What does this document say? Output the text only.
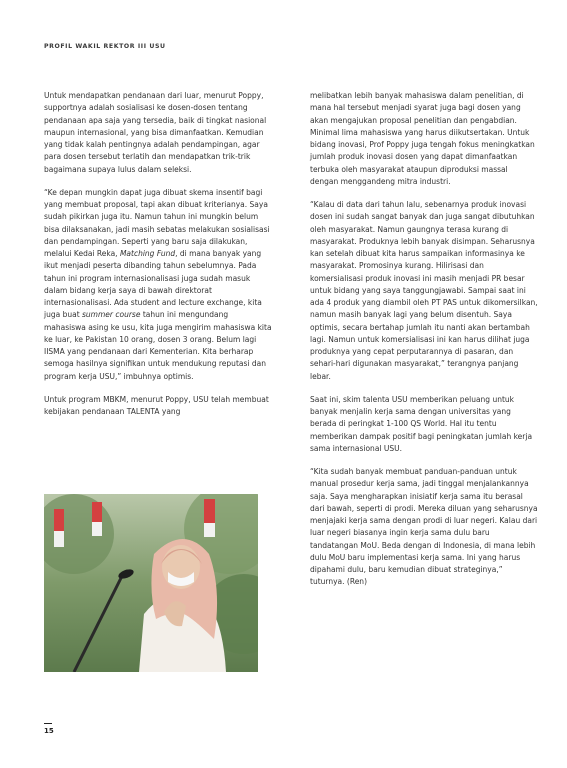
PROFIL WAKIL REKTOR III USU

Untuk mendapatkan pendanaan dari luar, menurut Poppy, supportnya adalah sosialisasi ke dosen-dosen tentang pendanaan apa saja yang tersedia, baik di tingkat nasional maupun internasional, yang bisa dimanfaatkan. Kemudian yang tidak kalah pentingnya adalah pendampingan, agar para dosen tersebut terlatih dan mendapatkan trik-trik bagaimana supaya lulus dalam seleksi.

“Ke depan mungkin dapat juga dibuat skema insentif bagi yang membuat proposal, tapi akan dibuat kriterianya. Saya sudah pikirkan juga itu. Namun tahun ini mungkin belum bisa dilaksanakan, jadi masih sebatas melakukan sosialisasi dan pendampingan. Seperti yang baru saja dilakukan, melalui Kedai Reka, Matching Fund, di mana banyak yang ikut menjadi peserta dibanding tahun sebelumnya. Pada tahun ini program internasionalisasi juga sudah masuk dalam bidang kerja saya di bawah direktorat internasionalisasi. Ada student and lecture exchange, kita juga buat summer course tahun ini mengundang mahasiswa asing ke usu, kita juga mengirim mahasiswa kita ke luar, ke Pakistan 10 orang, dosen 3 orang. Belum lagi IISMA yang pendanaan dari Kementerian. Kita berharap semoga hasilnya signifikan untuk mendukung reputasi dan program kerja USU,” imbuhnya optimis.

Untuk program MBKM, menurut Poppy, USU telah membuat kebijakan pendanaan TALENTA yang

melibatkan lebih banyak mahasiswa dalam penelitian, di mana hal tersebut menjadi syarat juga bagi dosen yang akan mengajukan proposal penelitian dan pengabdian. Minimal lima mahasiswa yang harus diikutsertakan. Untuk bidang inovasi, Prof Poppy juga tengah fokus meningkatkan jumlah produk inovasi dosen yang dapat dimanfaatkan terbuka oleh masyarakat ataupun diproduksi massal dengan menggandeng mitra industri.

“Kalau di data dari tahun lalu, sebenarnya produk inovasi dosen ini sudah sangat banyak dan juga sangat dibutuhkan oleh masyarakat. Namun gaungnya terasa kurang di masyarakat. Produknya lebih banyak disimpan. Seharusnya kan setelah dibuat kita harus sampaikan informasinya ke masyarakat. Promosinya kurang. Hilirisasi dan komersialisasi produk inovasi ini masih menjadi PR besar untuk bidang yang saya tanggungjawabi. Sampai saat ini ada 4 produk yang diambil oleh PT PAS untuk dikomersilkan, namun masih banyak lagi yang belum disentuh. Saya optimis, secara bertahap jumlah itu nanti akan bertambah lagi. Namun untuk komersialisasi ini kan harus dilihat juga produknya yang cepat perputarannya di pasaran, dan sehari-hari digunakan masyarakat,” terangnya panjang lebar.

Saat ini, skim talenta USU memberikan peluang untuk banyak menjalin kerja sama dengan universitas yang berada di peringkat 1-100 QS World. Hal itu tentu memberikan dampak positif bagi peningkatan jumlah kerja sama internasional USU.

“Kita sudah banyak membuat panduan-panduan untuk manual prosedur kerja sama, jadi tinggal menjalankannya saja. Saya mengharapkan inisiatif kerja sama itu berasal dari bawah, seperti di prodi. Mereka diluan yang seharusnya menjajaki kerja sama dengan prodi di luar negeri. Kalau dari luar negeri biasanya ingin kerja sama dulu baru tandatangan MoU. Beda dengan di Indonesia, di mana lebih dulu MoU baru implementasi kerja sama. Ini yang harus dipahami dulu, baru kemudian dibuat strateginya,” tuturnya. (Ren)

15
